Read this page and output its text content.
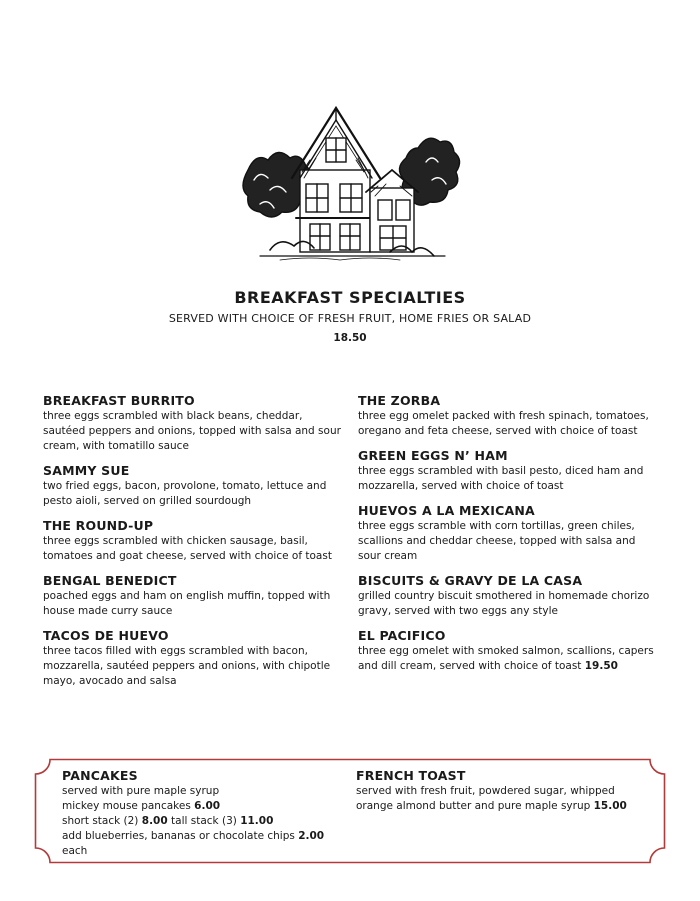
BREAKFAST SPECIALTIES
SERVED WITH CHOICE OF FRESH FRUIT, HOME FRIES OR SALAD
18.50
BREAKFAST BURRITO
three eggs scrambled with black beans, cheddar, sautéed peppers and onions, topped with salsa and sour cream, with tomatillo sauce
SAMMY SUE
two fried eggs, bacon, provolone, tomato, lettuce and pesto aioli, served on grilled sourdough
THE ROUND-UP
three eggs scrambled with chicken sausage, basil, tomatoes and goat cheese, served with choice of toast
BENGAL BENEDICT
poached eggs and ham on english muffin, topped with house made curry sauce
TACOS DE HUEVO
three tacos filled with eggs scrambled with bacon, mozzarella, sautéed peppers and onions, with chipotle mayo, avocado and salsa
THE ZORBA
three egg omelet packed with fresh spinach, tomatoes, oregano and feta cheese, served with choice of toast
GREEN EGGS N’ HAM
three eggs scrambled with basil pesto, diced ham and mozzarella, served with choice of toast
HUEVOS A LA MEXICANA
three eggs scramble with corn tortillas, green chiles, scallions and cheddar cheese, topped with salsa and sour cream
BISCUITS & GRAVY DE LA CASA
grilled country biscuit smothered in homemade chorizo gravy, served with two eggs any style
EL PACIFICO
three egg omelet with smoked salmon, scallions, capers and dill cream, served with choice of toast 19.50
PANCAKES
served with pure maple syrup
mickey mouse pancakes 6.00
short stack (2) 8.00 tall stack (3) 11.00
add blueberries, bananas or chocolate chips 2.00 each
FRENCH TOAST
served with fresh fruit, powdered sugar, whipped orange almond butter and pure maple syrup 15.00
